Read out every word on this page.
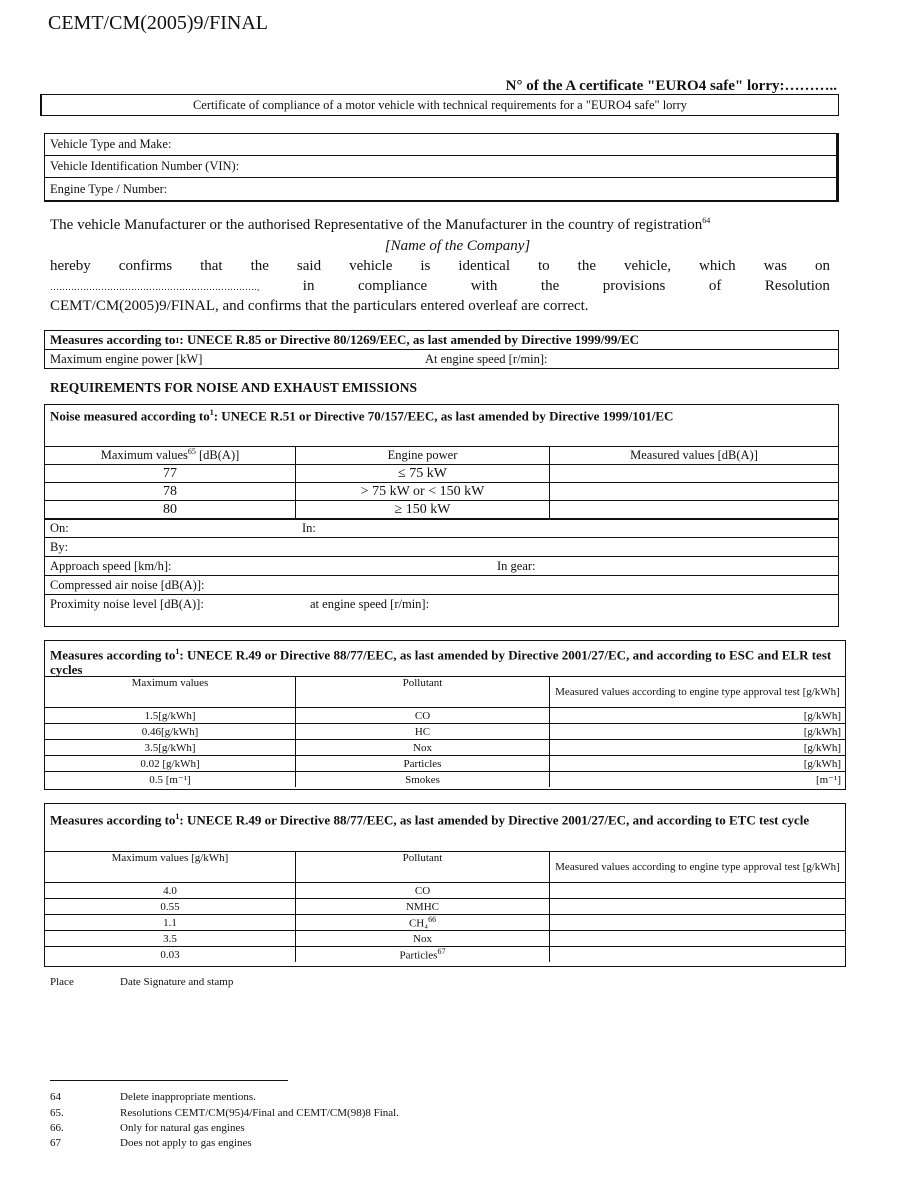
CEMT/CM(2005)9/FINAL
N° of the A certificate "EURO4 safe" lorry:………..
Certificate of compliance of a motor vehicle with technical requirements for a "EURO4 safe" lorry
Vehicle Type and Make:
Vehicle Identification Number (VIN):
Engine Type / Number:
The vehicle Manufacturer or the authorised Representative of the Manufacturer in the country of registration$^{64}$
[Name of the Company]
hereby confirms that the said vehicle is identical to the vehicle, which was on
……………………………………………………………,	in	compliance	with	the	provisions	of	Resolution
CEMT/CM(2005)9/FINAL, and confirms that the particulars entered overleaf are correct.
Measures according to 1 : UNECE R.85 or Directive 80/1269/EEC, as last amended by Directive 1999/99/EC
Maximum engine power [kW]	At engine speed [r/min]:
REQUIREMENTS FOR NOISE AND EXHAUST EMISSIONS
Noise measured according $to^1$: UNECE R.51 or Directive 70/157/EEC, as last amended by Directive 1999/101/EC
Maximum values$^{65}$ [dB(A)]	Engine power	Measured values [dB(A)]
77	≤ 75 kW	
78	> 75 kW or < 150 kW	
80	≥ 150 kW	
On:	In:
By:
Approach speed [km/h]:	In gear:
Compressed air noise [dB(A)]:
Proximity noise level [dB(A)]:	at engine speed [r/min]:
Measures according $to^1$: UNECE R.49 or Directive 88/77/EEC, as last amended by Directive 2001/27/EC, and according to ESC and ELR test cycles
Maximum values	Pollutant	Measured values according to engine type approval test [g/kWh]
1.5[g/kWh]	CO	[g/kWh]
0.46[g/kWh]	HC	[g/kWh]
3.5[g/kWh]	Nox	[g/kWh]
0.02 [g/kWh]	Particles	[g/kWh]
0.5 [m⁻¹]	Smokes	[m⁻¹]
Measures according $to^1$: UNECE R.49 or Directive 88/77/EEC, as last amended by Directive 2001/27/EC, and according to ETC test cycle
Maximum values [g/kWh]	Pollutant	Measured values according to engine type approval test [g/kWh]
4.0	CO	
0.55	NMHC	
1.1	CH₄$^{66}$	
3.5	Nox	
0.03	Particles$^{67}$	
Place	Date Signature and stamp
64	Delete inappropriate mentions.
65.	Resolutions CEMT/CM(95)4/Final and CEMT/CM(98)8 Final.
66.	Only for natural gas engines
67	Does not apply to gas engines
